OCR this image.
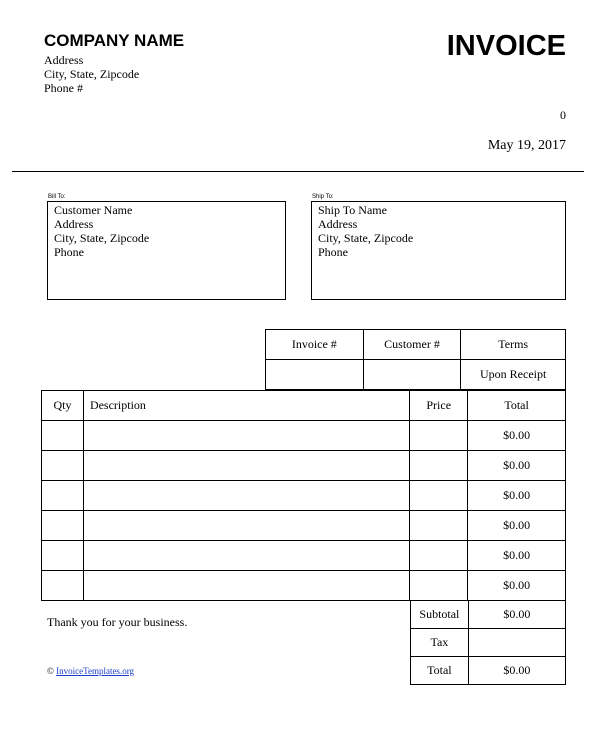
COMPANY NAME
Address
City, State, Zipcode
Phone #
INVOICE
0
May 19, 2017
Bill To:
Customer Name
Address
City, State, Zipcode
Phone
Ship To:
Ship To Name
Address
City, State, Zipcode
Phone
Invoice #	Customer #	Terms
		Upon Receipt
Qty	Description	Price	Total
			$0.00
			$0.00
			$0.00
			$0.00
			$0.00
			$0.00
Subtotal	$0.00
Tax	
Total	$0.00
Thank you for your business.
© InvoiceTemplates.org
